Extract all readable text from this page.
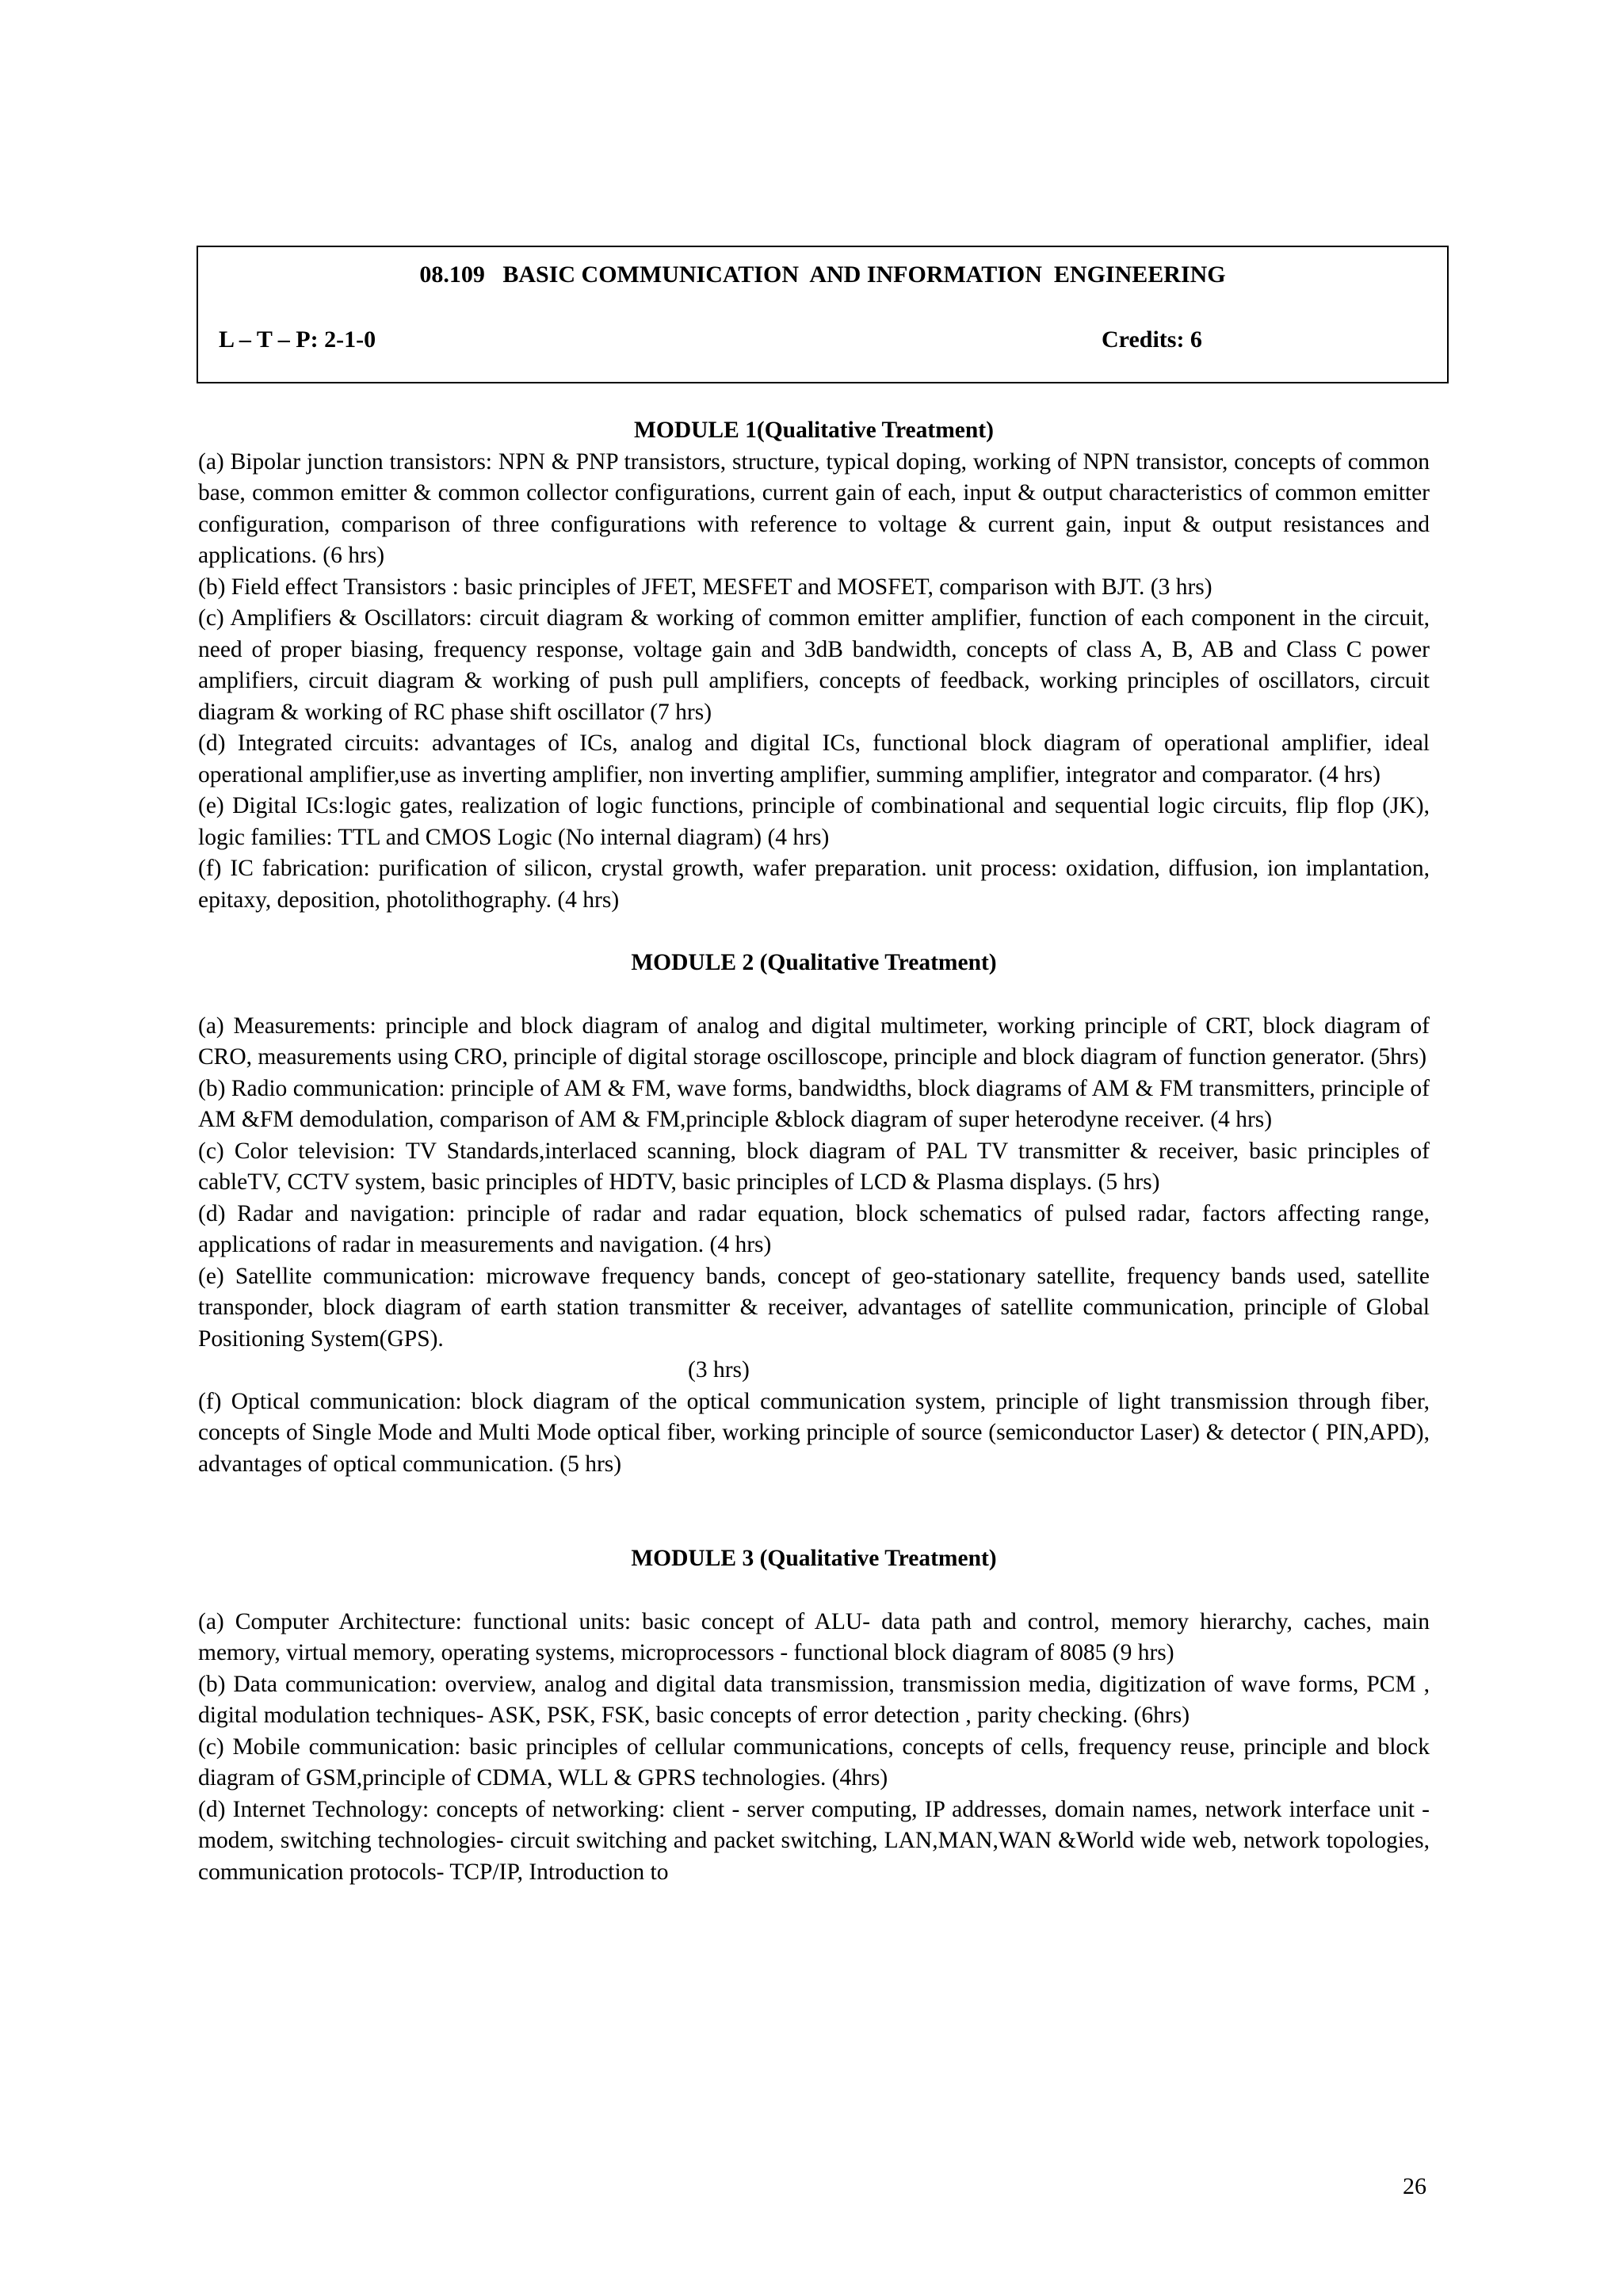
08.109   BASIC COMMUNICATION  AND INFORMATION  ENGINEERING
L – T – P: 2-1-0	Credits: 6

MODULE 1(Qualitative Treatment)

(a) Bipolar junction transistors: NPN & PNP transistors, structure, typical doping, working of NPN transistor, concepts of common base, common emitter & common collector configurations, current gain of each, input & output characteristics of common emitter configuration, comparison of three configurations with reference to voltage & current gain, input & output resistances and applications. (6 hrs)

(b) Field effect Transistors : basic principles of JFET, MESFET and MOSFET, comparison with BJT. (3 hrs)

(c) Amplifiers & Oscillators: circuit diagram & working of common emitter amplifier, function of each component in the circuit, need of proper biasing, frequency response, voltage gain and 3dB bandwidth, concepts of class A, B, AB and Class C power amplifiers, circuit diagram & working of push pull amplifiers, concepts of feedback, working principles of oscillators, circuit diagram & working of RC phase shift oscillator (7 hrs)

(d) Integrated circuits: advantages of ICs, analog and digital ICs, functional block diagram of operational amplifier, ideal operational amplifier,use as inverting amplifier, non inverting amplifier, summing amplifier, integrator and comparator. (4 hrs)

(e) Digital ICs:logic gates, realization of logic functions, principle of combinational and sequential logic circuits, flip flop (JK), logic families: TTL and CMOS Logic (No internal diagram) (4 hrs)

(f) IC fabrication: purification of silicon, crystal growth, wafer preparation. unit process: oxidation, diffusion, ion implantation, epitaxy, deposition, photolithography. (4 hrs)

MODULE 2 (Qualitative Treatment)

(a) Measurements: principle and block diagram of analog and digital multimeter, working principle of CRT, block diagram of CRO, measurements using CRO, principle of digital storage oscilloscope, principle and block diagram of function generator. (5hrs)

(b) Radio communication: principle of AM & FM, wave forms, bandwidths, block diagrams of AM & FM transmitters, principle of AM &FM demodulation, comparison of AM & FM,principle &block diagram of super heterodyne receiver. (4 hrs)

(c) Color television: TV Standards,interlaced scanning, block diagram of PAL TV transmitter & receiver, basic principles of cableTV, CCTV system, basic principles of HDTV, basic principles of LCD & Plasma displays. (5 hrs)

(d) Radar and navigation: principle of radar and radar equation, block schematics of pulsed radar, factors affecting range, applications of radar in measurements and navigation. (4 hrs)

(e) Satellite communication: microwave frequency bands, concept of geo-stationary satellite, frequency bands used, satellite transponder, block diagram of earth station transmitter & receiver, advantages of satellite communication, principle of Global Positioning System(GPS).

(3 hrs)

(f) Optical communication: block diagram of the optical communication system, principle of light transmission through fiber, concepts of Single Mode and Multi Mode optical fiber, working principle of source (semiconductor Laser) & detector ( PIN,APD), advantages of optical communication. (5 hrs)

MODULE 3 (Qualitative Treatment)

(a) Computer Architecture: functional units: basic concept of ALU- data path and control, memory hierarchy, caches, main memory, virtual memory, operating systems, microprocessors - functional block diagram of 8085 (9 hrs)

(b) Data communication: overview, analog and digital data transmission, transmission media, digitization of wave forms, PCM , digital modulation techniques- ASK, PSK, FSK, basic concepts of error detection , parity checking. (6hrs)

(c) Mobile communication: basic principles of cellular communications, concepts of cells, frequency reuse, principle and block diagram of GSM,principle of CDMA, WLL & GPRS technologies. (4hrs)

(d) Internet Technology: concepts of networking: client - server computing, IP addresses, domain names, network interface unit - modem, switching technologies- circuit switching and packet switching, LAN,MAN,WAN &World wide web, network topologies, communication protocols- TCP/IP, Introduction to

26
